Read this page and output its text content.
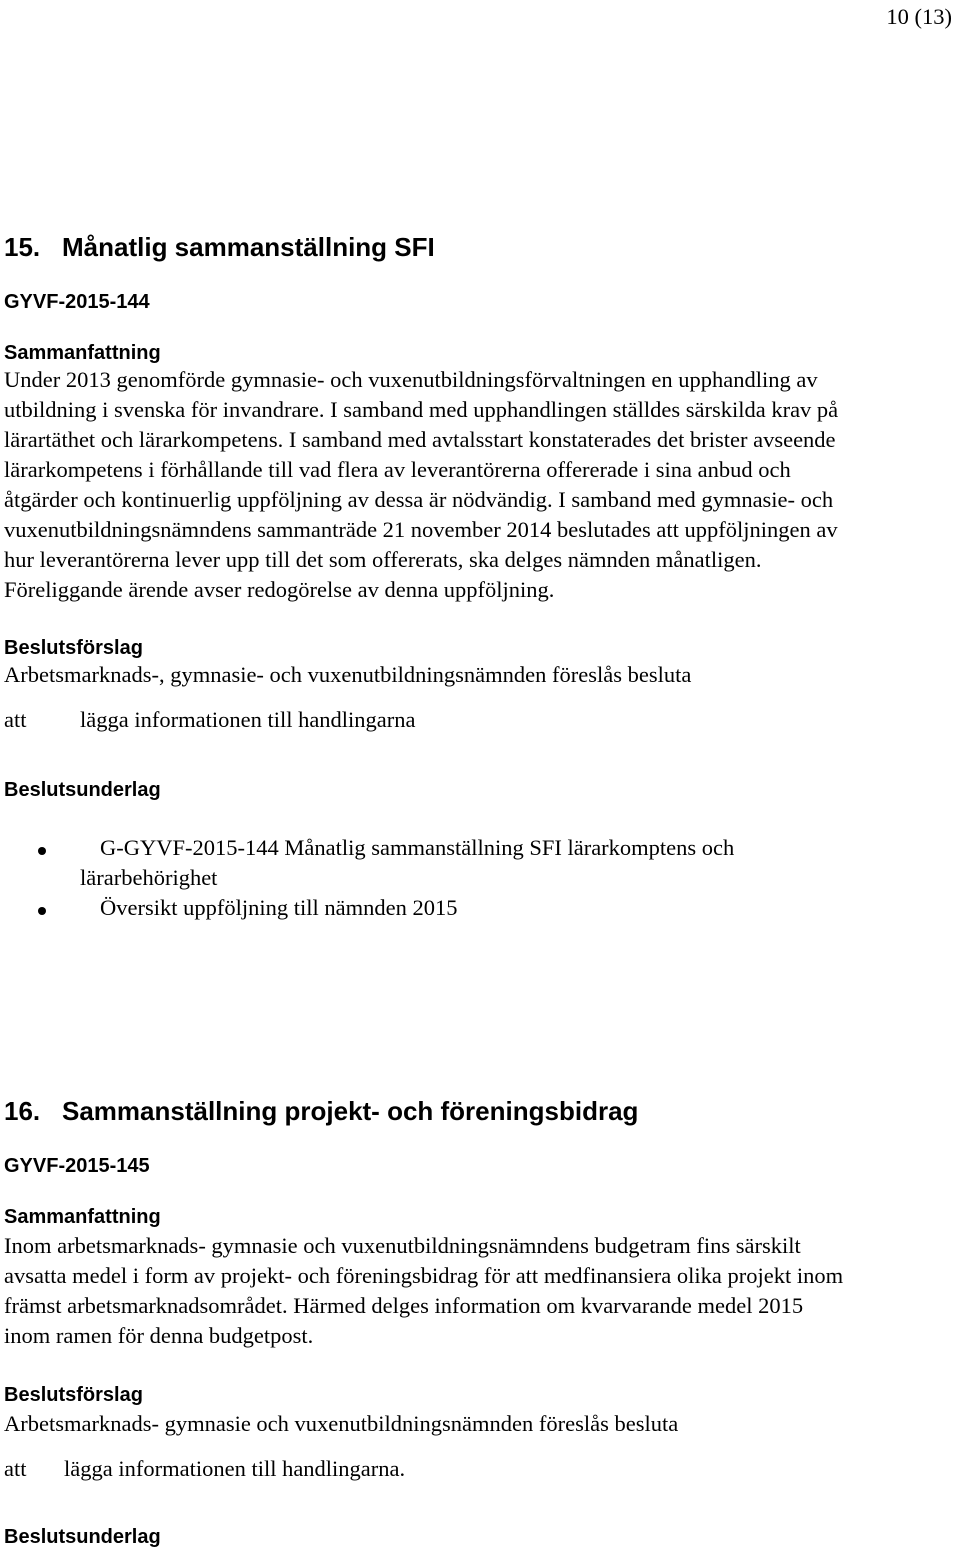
10 (13)
15. Månatlig sammanställning SFI
GYVF-2015-144
Sammanfattning
Under 2013 genomförde gymnasie- och vuxenutbildningsförvaltningen en upphandling av
utbildning i svenska för invandrare. I samband med upphandlingen ställdes särskilda krav på
lärartäthet och lärarkompetens. I samband med avtalsstart konstaterades det brister avseende
lärarkompetens i förhållande till vad flera av leverantörerna offererade i sina anbud och
åtgärder och kontinuerlig uppföljning av dessa är nödvändig. I samband med gymnasie- och
vuxenutbildningsnämndens sammanträde 21 november 2014 beslutades att uppföljningen av
hur leverantörerna lever upp till det som offererats, ska delges nämnden månatligen.
Föreliggande ärende avser redogörelse av denna uppföljning.
Beslutsförslag
Arbetsmarknads-, gymnasie- och vuxenutbildningsnämnden föreslås besluta
att lägga informationen till handlingarna
Beslutsunderlag
G-GYVF-2015-144 Månatlig sammanställning SFI lärarkomptens och
lärarbehörighet
Översikt uppföljning till nämnden 2015
16. Sammanställning projekt- och föreningsbidrag
GYVF-2015-145
Sammanfattning
Inom arbetsmarknads- gymnasie och vuxenutbildningsnämndens budgetram fins särskilt
avsatta medel i form av projekt- och föreningsbidrag för att medfinansiera olika projekt inom
främst arbetsmarknadsområdet. Härmed delges information om kvarvarande medel 2015
inom ramen för denna budgetpost.
Beslutsförslag
Arbetsmarknads- gymnasie och vuxenutbildningsnämnden föreslås besluta
att lägga informationen till handlingarna.
Beslutsunderlag
